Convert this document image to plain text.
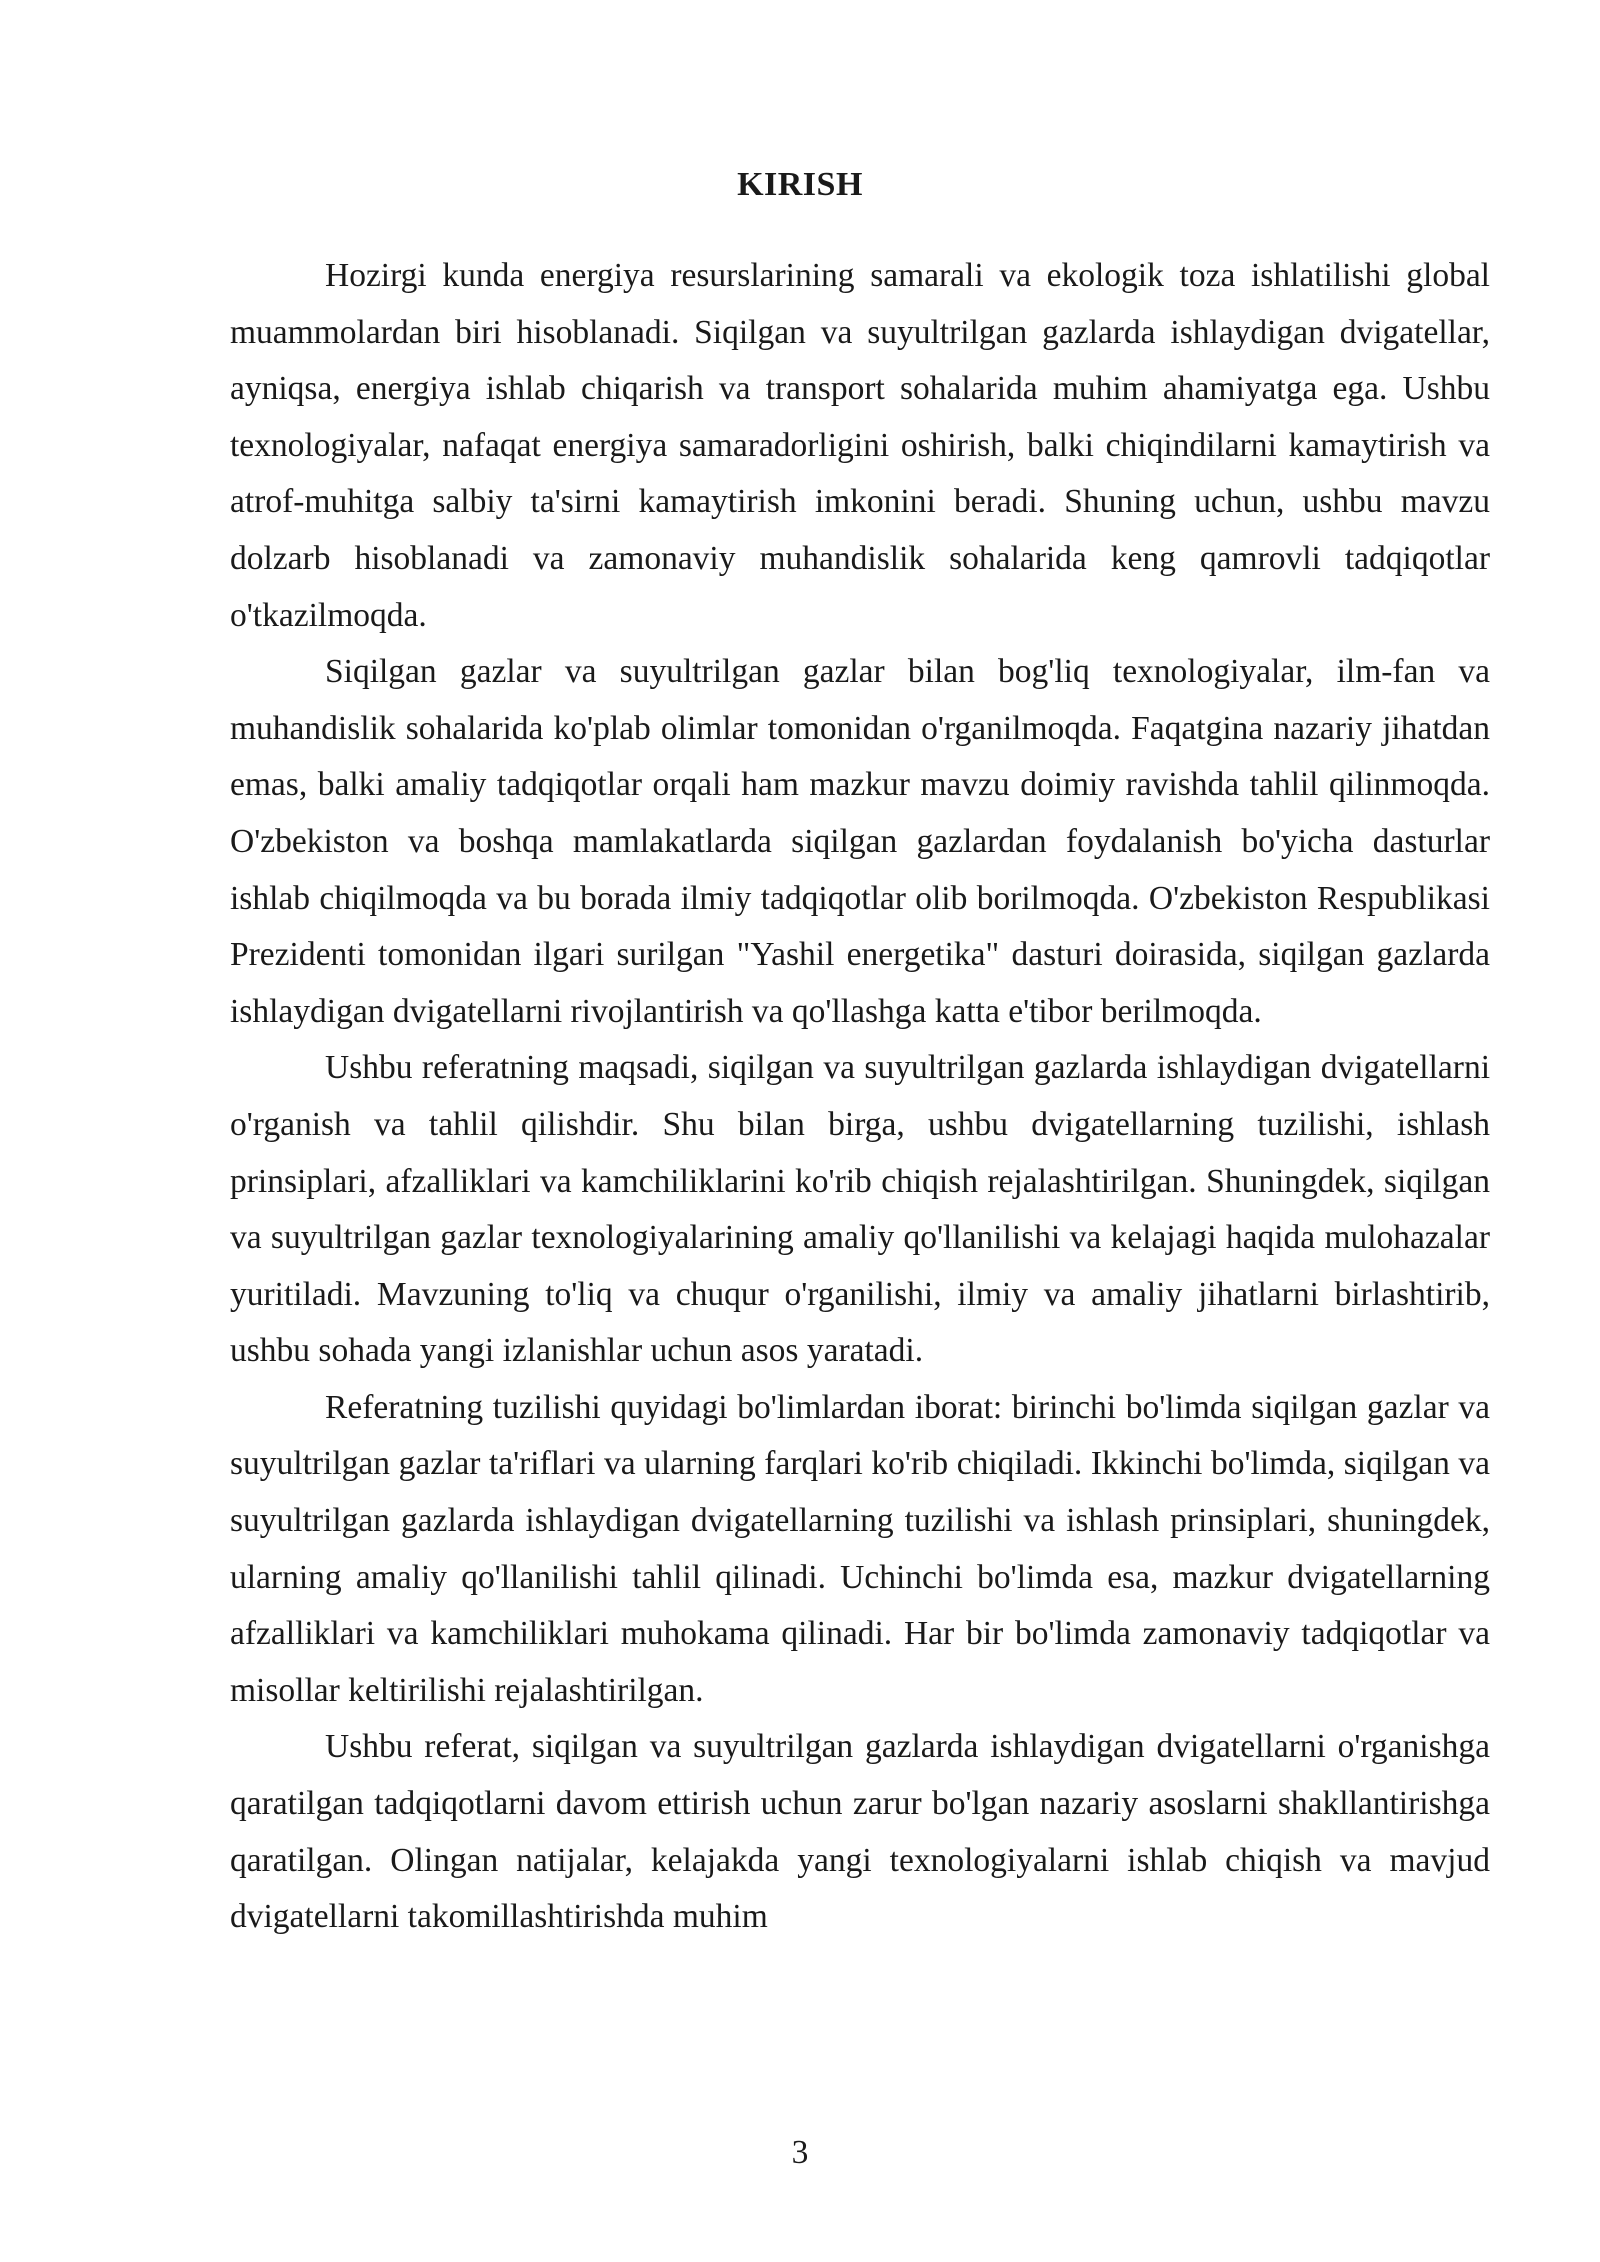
KIRISH

Hozirgi kunda energiya resurslarining samarali va ekologik toza ishlatilishi global muammolardan biri hisoblanadi. Siqilgan va suyultrilgan gazlarda ishlaydigan dvigatellar, ayniqsa, energiya ishlab chiqarish va transport sohalarida muhim ahamiyatga ega. Ushbu texnologiyalar, nafaqat energiya samaradorligini oshirish, balki chiqindilarni kamaytirish va atrof-muhitga salbiy ta'sirni kamaytirish imkonini beradi. Shuning uchun, ushbu mavzu dolzarb hisoblanadi va zamonaviy muhandislik sohalarida keng qamrovli tadqiqotlar o'tkazilmoqda.

Siqilgan gazlar va suyultrilgan gazlar bilan bog'liq texnologiyalar, ilm-fan va muhandislik sohalarida ko'plab olimlar tomonidan o'rganilmoqda. Faqatgina nazariy jihatdan emas, balki amaliy tadqiqotlar orqali ham mazkur mavzu doimiy ravishda tahlil qilinmoqda. O'zbekiston va boshqa mamlakatlarda siqilgan gazlardan foydalanish bo'yicha dasturlar ishlab chiqilmoqda va bu borada ilmiy tadqiqotlar olib borilmoqda. O'zbekiston Respublikasi Prezidenti tomonidan ilgari surilgan "Yashil energetika" dasturi doirasida, siqilgan gazlarda ishlaydigan dvigatellarni rivojlantirish va qo'llashga katta e'tibor berilmoqda.

Ushbu referatning maqsadi, siqilgan va suyultrilgan gazlarda ishlaydigan dvigatellarni o'rganish va tahlil qilishdir. Shu bilan birga, ushbu dvigatellarning tuzilishi, ishlash prinsiplari, afzalliklari va kamchiliklarini ko'rib chiqish rejalashtirilgan. Shuningdek, siqilgan va suyultrilgan gazlar texnologiyalarining amaliy qo'llanilishi va kelajagi haqida mulohazalar yuritiladi. Mavzuning to'liq va chuqur o'rganilishi, ilmiy va amaliy jihatlarni birlashtirib, ushbu sohada yangi izlanishlar uchun asos yaratadi.

Referatning tuzilishi quyidagi bo'limlardan iborat: birinchi bo'limda siqilgan gazlar va suyultrilgan gazlar ta'riflari va ularning farqlari ko'rib chiqiladi. Ikkinchi bo'limda, siqilgan va suyultrilgan gazlarda ishlaydigan dvigatellarning tuzilishi va ishlash prinsiplari, shuningdek, ularning amaliy qo'llanilishi tahlil qilinadi. Uchinchi bo'limda esa, mazkur dvigatellarning afzalliklari va kamchiliklari muhokama qilinadi. Har bir bo'limda zamonaviy tadqiqotlar va misollar keltirilishi rejalashtirilgan.

Ushbu referat, siqilgan va suyultrilgan gazlarda ishlaydigan dvigatellarni o'rganishga qaratilgan tadqiqotlarni davom ettirish uchun zarur bo'lgan nazariy asoslarni shakllantirishga qaratilgan. Olingan natijalar, kelajakda yangi texnologiyalarni ishlab chiqish va mavjud dvigatellarni takomillashtirishda muhim

3
